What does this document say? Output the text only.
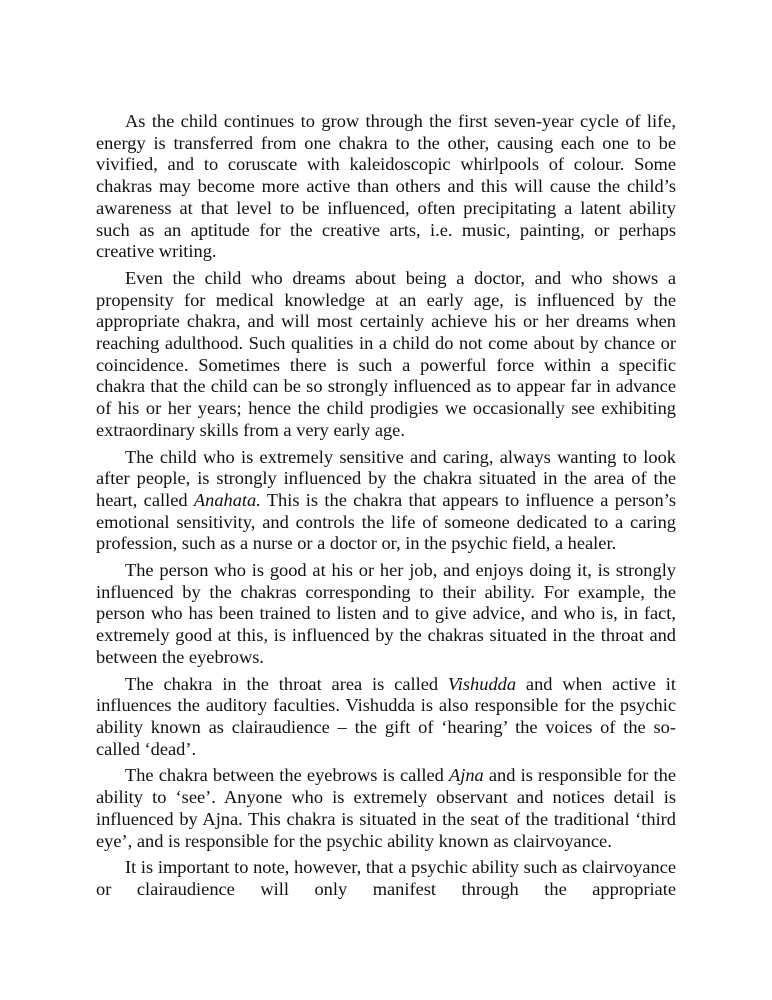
As the child continues to grow through the first seven-year cycle of life, energy is transferred from one chakra to the other, causing each one to be vivified, and to coruscate with kaleidoscopic whirlpools of colour. Some chakras may become more active than others and this will cause the child’s awareness at that level to be influenced, often precipitating a latent ability such as an aptitude for the creative arts, i.e. music, painting, or perhaps creative writing.

Even the child who dreams about being a doctor, and who shows a propensity for medical knowledge at an early age, is influenced by the appropriate chakra, and will most certainly achieve his or her dreams when reaching adulthood. Such qualities in a child do not come about by chance or coincidence. Sometimes there is such a powerful force within a specific chakra that the child can be so strongly influenced as to appear far in advance of his or her years; hence the child prodigies we occasionally see exhibiting extraordinary skills from a very early age.

The child who is extremely sensitive and caring, always wanting to look after people, is strongly influenced by the chakra situated in the area of the heart, called Anahata. This is the chakra that appears to influence a person’s emotional sensitivity, and controls the life of someone dedicated to a caring profession, such as a nurse or a doctor or, in the psychic field, a healer.

The person who is good at his or her job, and enjoys doing it, is strongly influenced by the chakras corresponding to their ability. For example, the person who has been trained to listen and to give advice, and who is, in fact, extremely good at this, is influenced by the chakras situated in the throat and between the eyebrows.

The chakra in the throat area is called Vishudda and when active it influences the auditory faculties. Vishudda is also responsible for the psychic ability known as clairaudience – the gift of ‘hearing’ the voices of the so-called ‘dead’.

The chakra between the eyebrows is called Ajna and is responsible for the ability to ‘see’. Anyone who is extremely observant and notices detail is influenced by Ajna. This chakra is situated in the seat of the traditional ‘third eye’, and is responsible for the psychic ability known as clairvoyance.

It is important to note, however, that a psychic ability such as clairvoyance or clairaudience will only manifest through the appropriate
